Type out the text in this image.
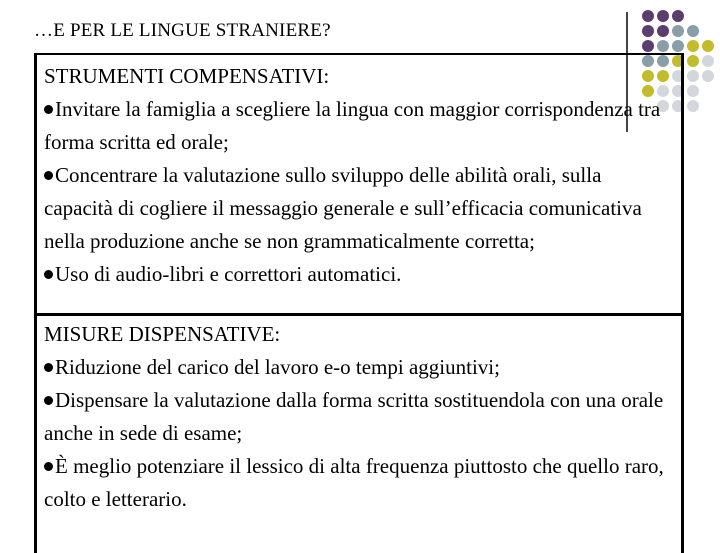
…E PER LE LINGUE STRANIERE?
STRUMENTI COMPENSATIVI:
Invitare la famiglia a scegliere la lingua con maggior corrispondenza tra forma scritta ed orale;
Concentrare la valutazione sullo sviluppo delle abilità orali, sulla capacità di cogliere il messaggio generale e sull’efficacia comunicativa nella produzione anche se non grammaticalmente corretta;
Uso di audio-libri e correttori automatici.
MISURE DISPENSATIVE:
Riduzione del carico del lavoro e-o tempi aggiuntivi;
Dispensare la valutazione dalla forma scritta sostituendola con una orale anche in sede di esame;
È meglio potenziare il lessico di alta frequenza piuttosto che quello raro, colto e letterario.
